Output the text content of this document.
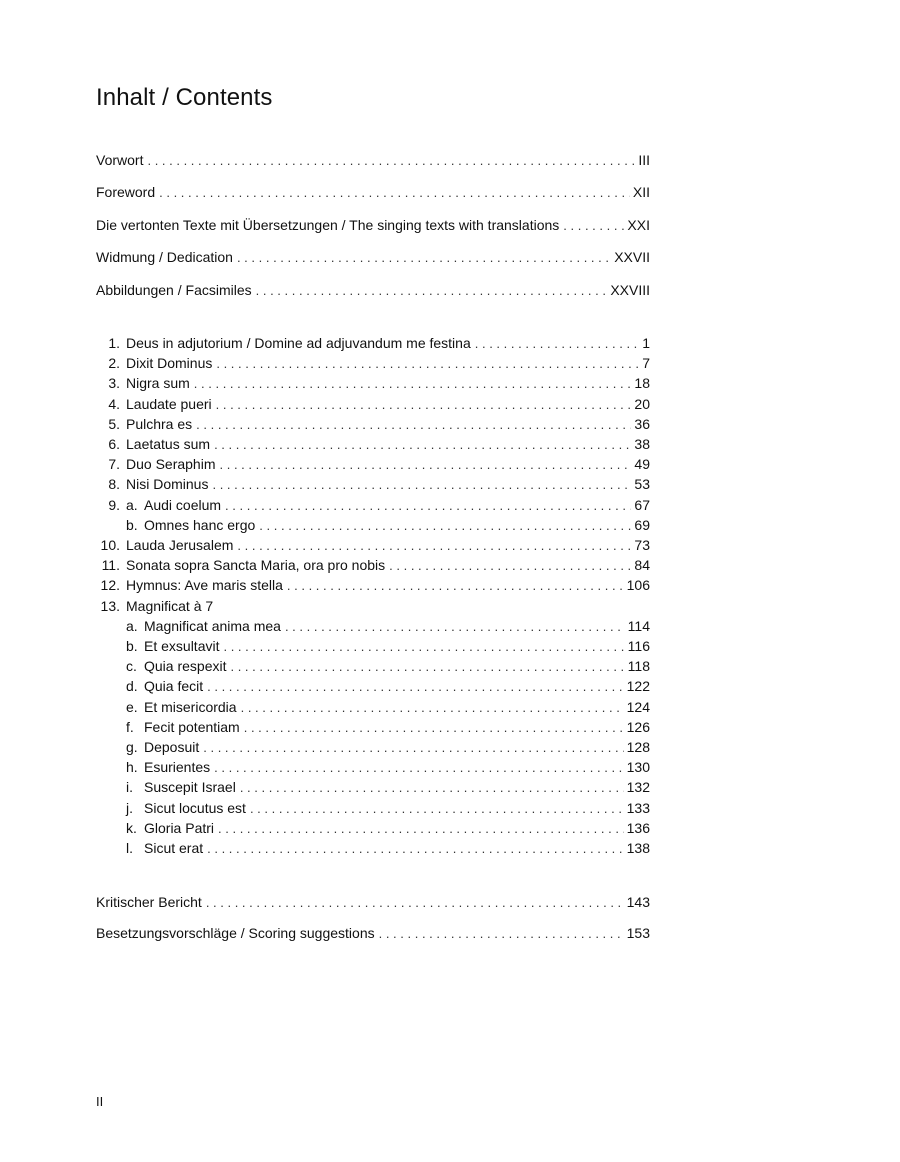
Inhalt / Contents
Vorwort . . .	III
Foreword . . .	XII
Die vertonten Texte mit Übersetzungen / The singing texts with translations . . .	XXI
Widmung / Dedication . . .	XXVII
Abbildungen / Facsimiles . . .	XXVIII
1. Deus in adjutorium / Domine ad adjuvandum me festina . . .	1
2. Dixit Dominus . . .	7
3. Nigra sum . . .	18
4. Laudate pueri . . .	20
5. Pulchra es . . .	36
6. Laetatus sum . . .	38
7. Duo Seraphim . . .	49
8. Nisi Dominus . . .	53
9. a. Audi coelum . . .	67
b. Omnes hanc ergo . . .	69
10. Lauda Jerusalem . . .	73
11. Sonata sopra Sancta Maria, ora pro nobis . . .	84
12. Hymnus: Ave maris stella . . .	106
13. Magnificat à 7
a. Magnificat anima mea . . .	114
b. Et exsultavit . . .	116
c. Quia respexit . . .	118
d. Quia fecit . . .	122
e. Et misericordia . . .	124
f. Fecit potentiam . . .	126
g. Deposuit . . .	128
h. Esurientes . . .	130
i. Suscepit Israel . . .	132
j. Sicut locutus est . . .	133
k. Gloria Patri . . .	136
l. Sicut erat . . .	138
Kritischer Bericht . . .	143
Besetzungsvorschläge / Scoring suggestions . . .	153
II
